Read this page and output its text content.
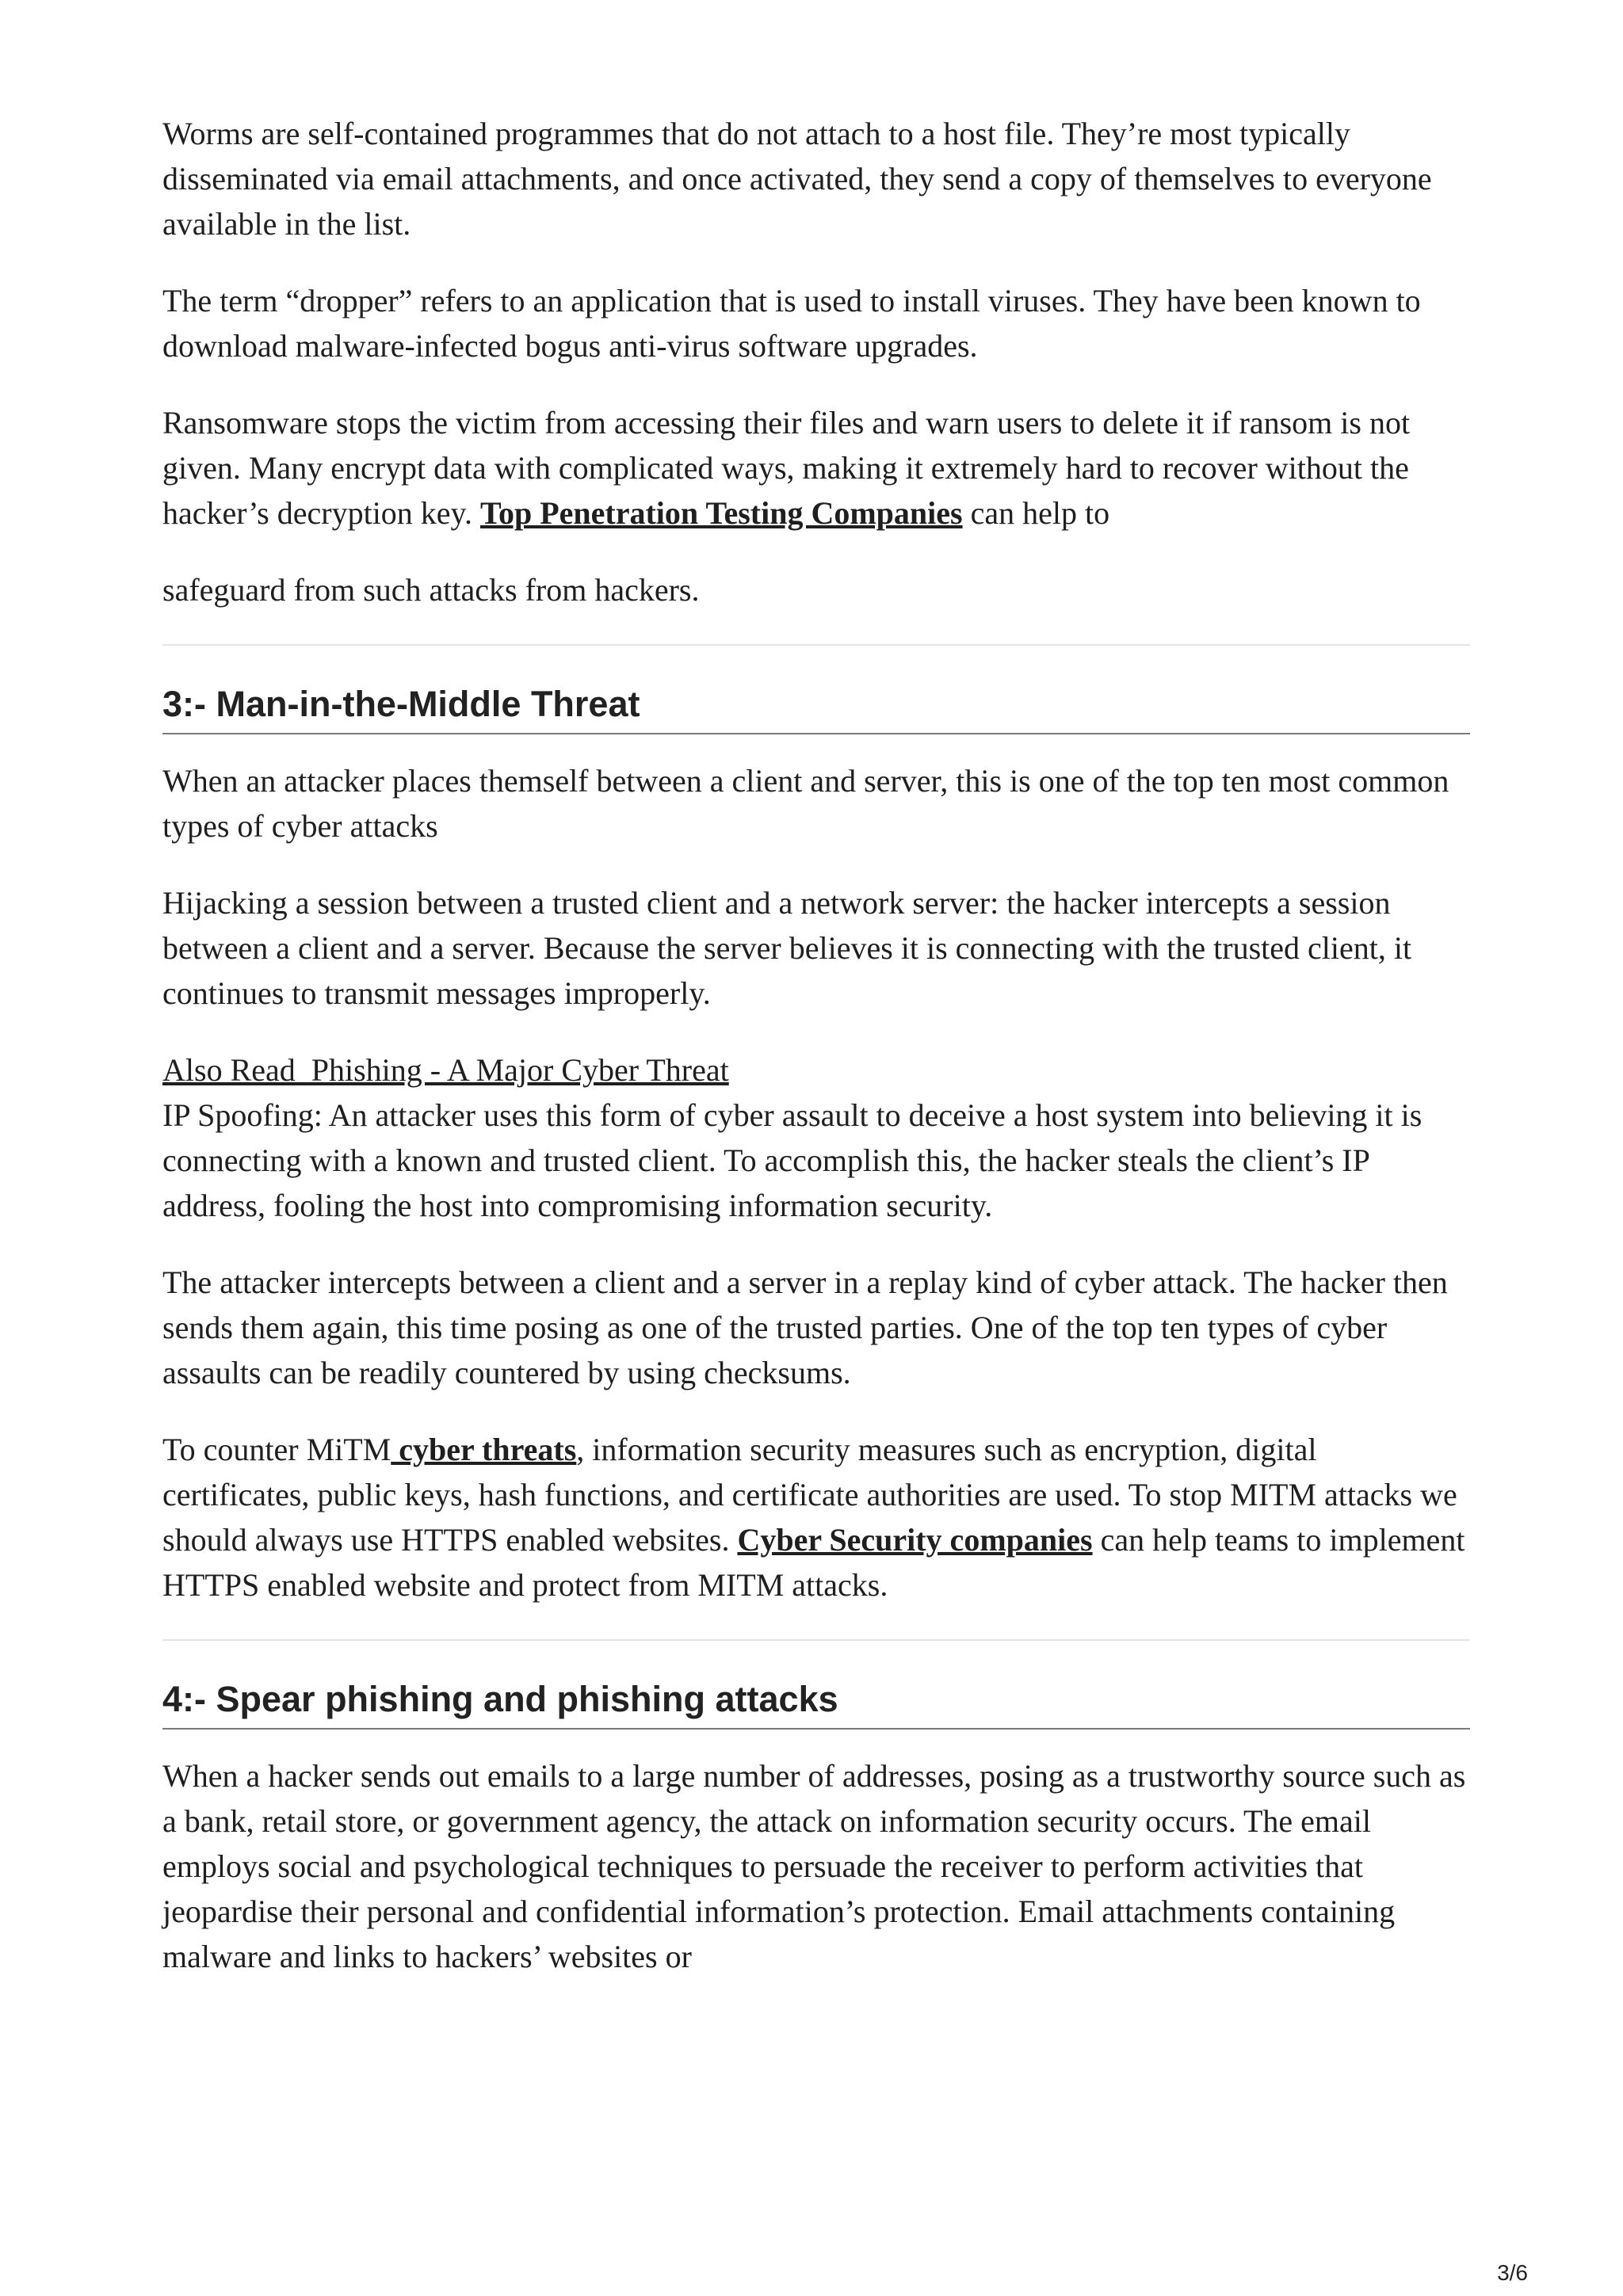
Worms are self-contained programmes that do not attach to a host file. They’re most typically disseminated via email attachments, and once activated, they send a copy of themselves to everyone available in the list.

The term “dropper” refers to an application that is used to install viruses. They have been known to download malware-infected bogus anti-virus software upgrades.

Ransomware stops the victim from accessing their files and warn users to delete it if ransom is not given. Many encrypt data with complicated ways, making it extremely hard to recover without the hacker’s decryption key. Top Penetration Testing Companies can help to

safeguard from such attacks from hackers.

3:- Man-in-the-Middle Threat

When an attacker places themself between a client and server, this is one of the top ten most common types of cyber attacks

Hijacking a session between a trusted client and a network server: the hacker intercepts a session between a client and a server. Because the server believes it is connecting with the trusted client, it continues to transmit messages improperly.

Also Read  Phishing - A Major Cyber Threat

IP Spoofing: An attacker uses this form of cyber assault to deceive a host system into believing it is connecting with a known and trusted client. To accomplish this, the hacker steals the client’s IP address, fooling the host into compromising information security.

The attacker intercepts between a client and a server in a replay kind of cyber attack. The hacker then sends them again, this time posing as one of the trusted parties. One of the top ten types of cyber assaults can be readily countered by using checksums.

To counter MiTM cyber threats, information security measures such as encryption, digital certificates, public keys, hash functions, and certificate authorities are used. To stop MITM attacks we should always use HTTPS enabled websites. Cyber Security companies can help teams to implement HTTPS enabled website and protect from MITM attacks.

4:- Spear phishing and phishing attacks

When a hacker sends out emails to a large number of addresses, posing as a trustworthy source such as a bank, retail store, or government agency, the attack on information security occurs. The email employs social and psychological techniques to persuade the receiver to perform activities that jeopardise their personal and confidential information’s protection. Email attachments containing malware and links to hackers’ websites or

3/6
